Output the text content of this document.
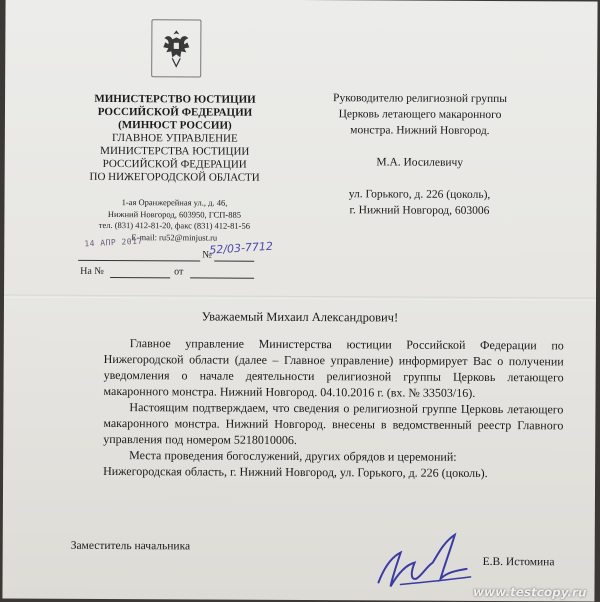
МИНИСТЕРСТВО ЮСТИЦИИ
РОССИЙСКОЙ ФЕДЕРАЦИИ
(МИНЮСТ РОССИИ)
ГЛАВНОЕ УПРАВЛЕНИЕ
МИНИСТЕРСТВА ЮСТИЦИИ
РОССИЙСКОЙ ФЕДЕРАЦИИ
ПО НИЖЕГОРОДСКОЙ ОБЛАСТИ
1-ая Оранжерейная ул., д. 46,
Нижний Новгород, 603950, ГСП-885
тел. (831) 412-81-20, факс (831) 412-81-56
E-mail: ru52@minjust.ru
14 АПР 2017	52/03-7712
№
На №	от

Руководителю религиозной группы

Церковь летающего макаронного

монстра. Нижний Новгород.

М.А. Иосилевичу

ул. Горького, д. 226 (цоколь),

г. Нижний Новгород, 603006

Уважаемый Михаил Александрович!

Главное управление Министерства юстиции Российской Федерации по Нижегородской области (далее – Главное управление) информирует Вас о получении уведомления о начале деятельности религиозной группы Церковь летающего макаронного монстра. Нижний Новгород. 04.10.2016 г. (вх. № 33503/16).

Настоящим подтверждаем, что сведения о религиозной группе Церковь летающего макаронного монстра. Нижний Новгород. внесены в ведомственный реестр Главного управления под номером 5218010006.

Места проведения богослужений, других обрядов и церемоний:

Нижегородская область, г. Нижний Новгород, ул. Горького, д. 226 (цоколь).

Заместитель начальника
Е.В. Истомина
www.testcopy.ru
